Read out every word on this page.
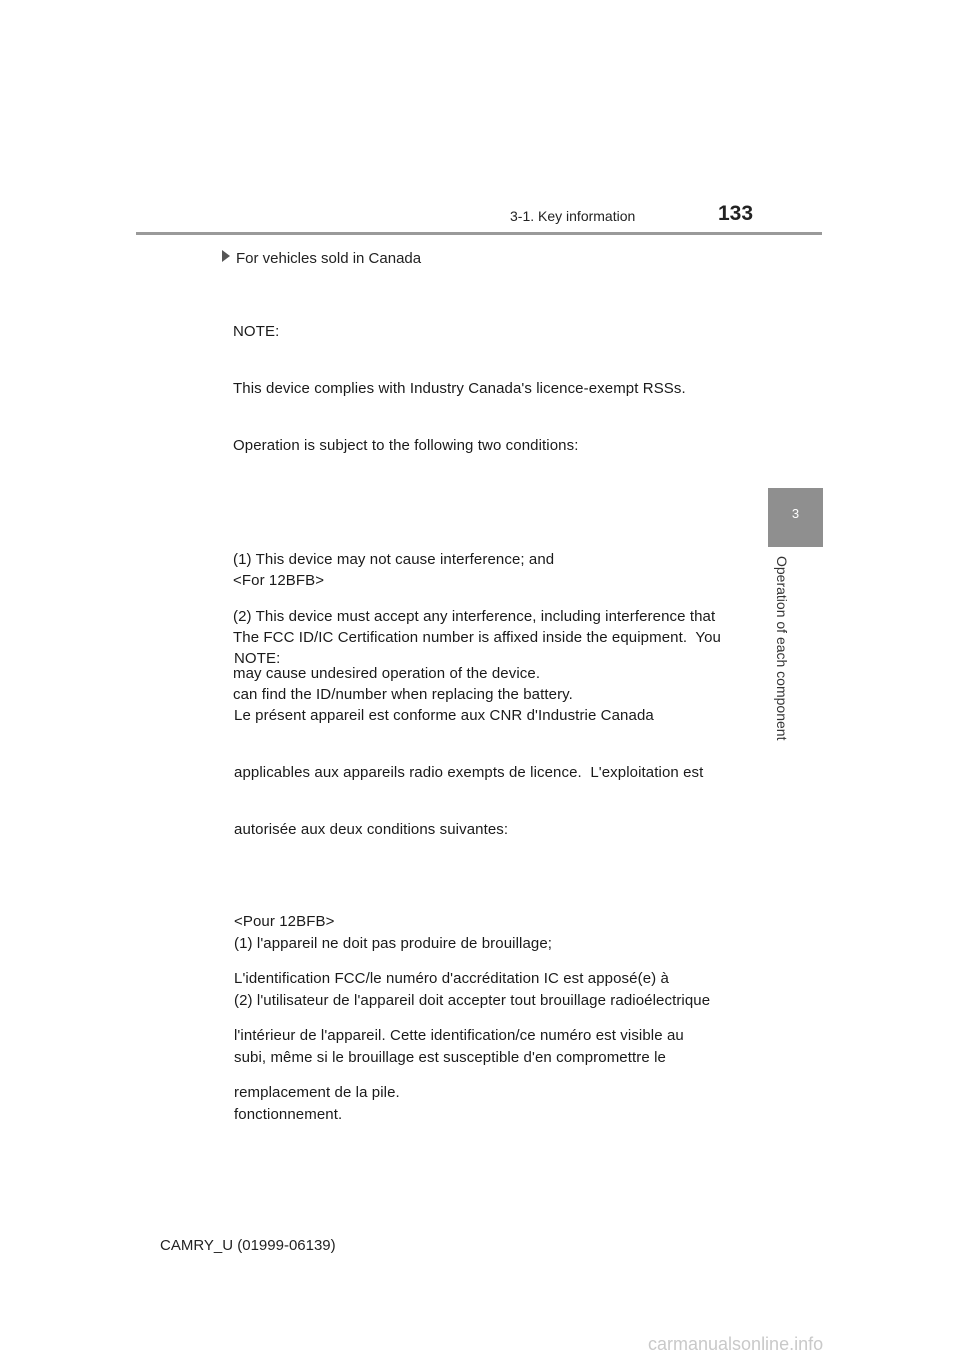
3-1. Key information	133
3
Operation of each component
For vehicles sold in Canada

NOTE:

This device complies with Industry Canada's licence-exempt RSSs.

Operation is subject to the following two conditions:

(1) This device may not cause interference; and

(2) This device must accept any interference, including interference that

may cause undesired operation of the device.

<For 12BFB>

The FCC ID/IC Certification number is affixed inside the equipment.  You

can find the ID/number when replacing the battery.

NOTE:

Le présent appareil est conforme aux CNR d'Industrie Canada

applicables aux appareils radio exempts de licence.  L'exploitation est

autorisée aux deux conditions suivantes:

(1) l'appareil ne doit pas produire de brouillage;

(2) l'utilisateur de l'appareil doit accepter tout brouillage radioélectrique

subi, même si le brouillage est susceptible d'en compromettre le

fonctionnement.

<Pour 12BFB>

L'identification FCC/le numéro d'accréditation IC est apposé(e) à

l'intérieur de l'appareil. Cette identification/ce numéro est visible au

remplacement de la pile.

CAMRY_U (01999-06139)
carmanualsonline.info
